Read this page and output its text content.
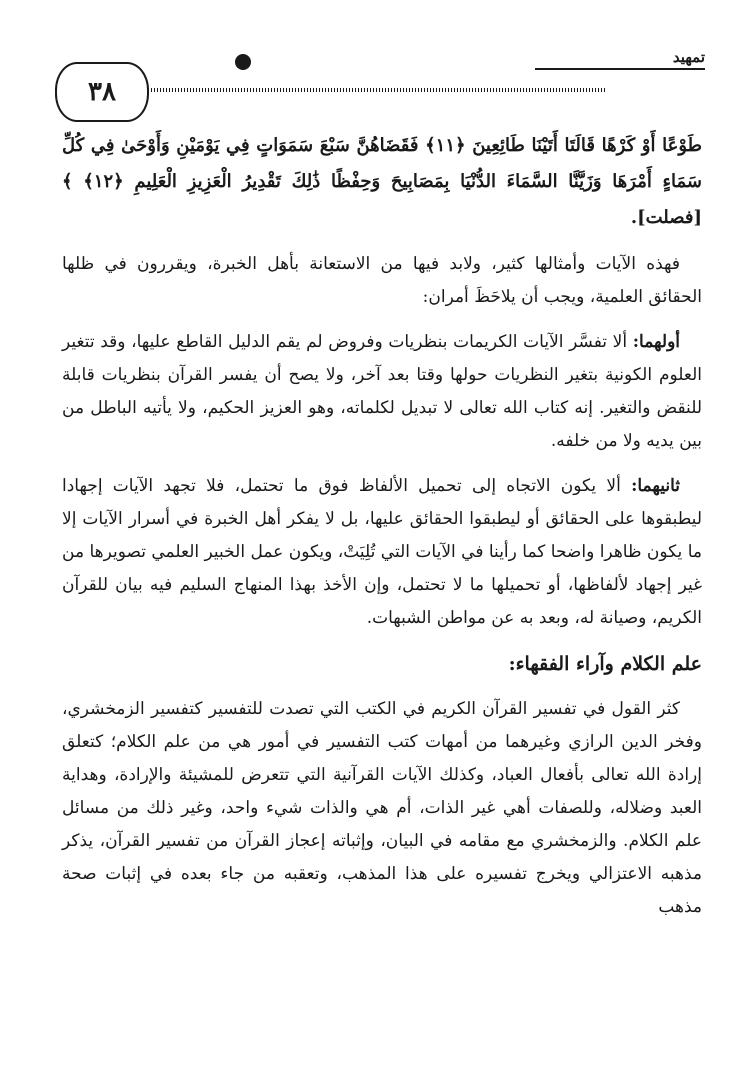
تمهيد
٣٨

طَوْعًا أَوْ كَرْهًا قَالَتَا أَتَيْنَا طَائِعِينَ ﴿١١﴾ فَقَضَاهُنَّ سَبْعَ سَمَوَاتٍ فِي يَوْمَيْنِ وَأَوْحَىٰ فِي كُلِّ سَمَاءٍ أَمْرَهَا وَزَيَّنَّا السَّمَاءَ الدُّنْيَا بِمَصَابِيحَ وَحِفْظًا ذَٰلِكَ تَقْدِيرُ الْعَزِيزِ الْعَلِيمِ ﴿١٢﴾ ﴾ [فصلت].

فهذه الآيات وأمثالها كثير، ولابد فيها من الاستعانة بأهل الخبرة، ويقررون في ظلها الحقائق العلمية، ويجب أن يلاحَظَ أمران:

أولهما: ألا تفسَّر الآيات الكريمات بنظريات وفروض لم يقم الدليل القاطع عليها، وقد تتغير العلوم الكونية بتغير النظريات حولها وقتا بعد آخر، ولا يصح أن يفسر القرآن بنظريات قابلة للنقض والتغير. إنه كتاب الله تعالى لا تبديل لكلماته، وهو العزيز الحكيم، ولا يأتيه الباطل من بين يديه ولا من خلفه.

ثانيهما: ألا يكون الاتجاه إلى تحميل الألفاظ فوق ما تحتمل، فلا تجهد الآيات إجهادا ليطبقوها على الحقائق أو ليطبقوا الحقائق عليها، بل لا يفكر أهل الخبرة في أسرار الآيات إلا ما يكون ظاهرا واضحا كما رأينا في الآيات التي تُلِيَتْ، ويكون عمل الخبير العلمي تصويرها من غير إجهاد لألفاظها، أو تحميلها ما لا تحتمل، وإن الأخذ بهذا المنهاج السليم فيه بيان للقرآن الكريم، وصيانة له، وبعد به عن مواطن الشبهات.

علم الكلام وآراء الفقهاء:

كثر القول في تفسير القرآن الكريم في الكتب التي تصدت للتفسير كتفسير الزمخشري، وفخر الدين الرازي وغيرهما من أمهات كتب التفسير في أمور هي من علم الكلام؛ كتعلق إرادة الله تعالى بأفعال العباد، وكذلك الآيات القرآنية التي تتعرض للمشيئة والإرادة، وهداية العبد وضلاله، وللصفات أهي غير الذات، أم هي والذات شيء واحد، وغير ذلك من مسائل علم الكلام. والزمخشري مع مقامه في البيان، وإثباته إعجاز القرآن من تفسير القرآن، يذكر مذهبه الاعتزالي ويخرج تفسيره على هذا المذهب، وتعقبه من جاء بعده في إثبات صحة مذهب
